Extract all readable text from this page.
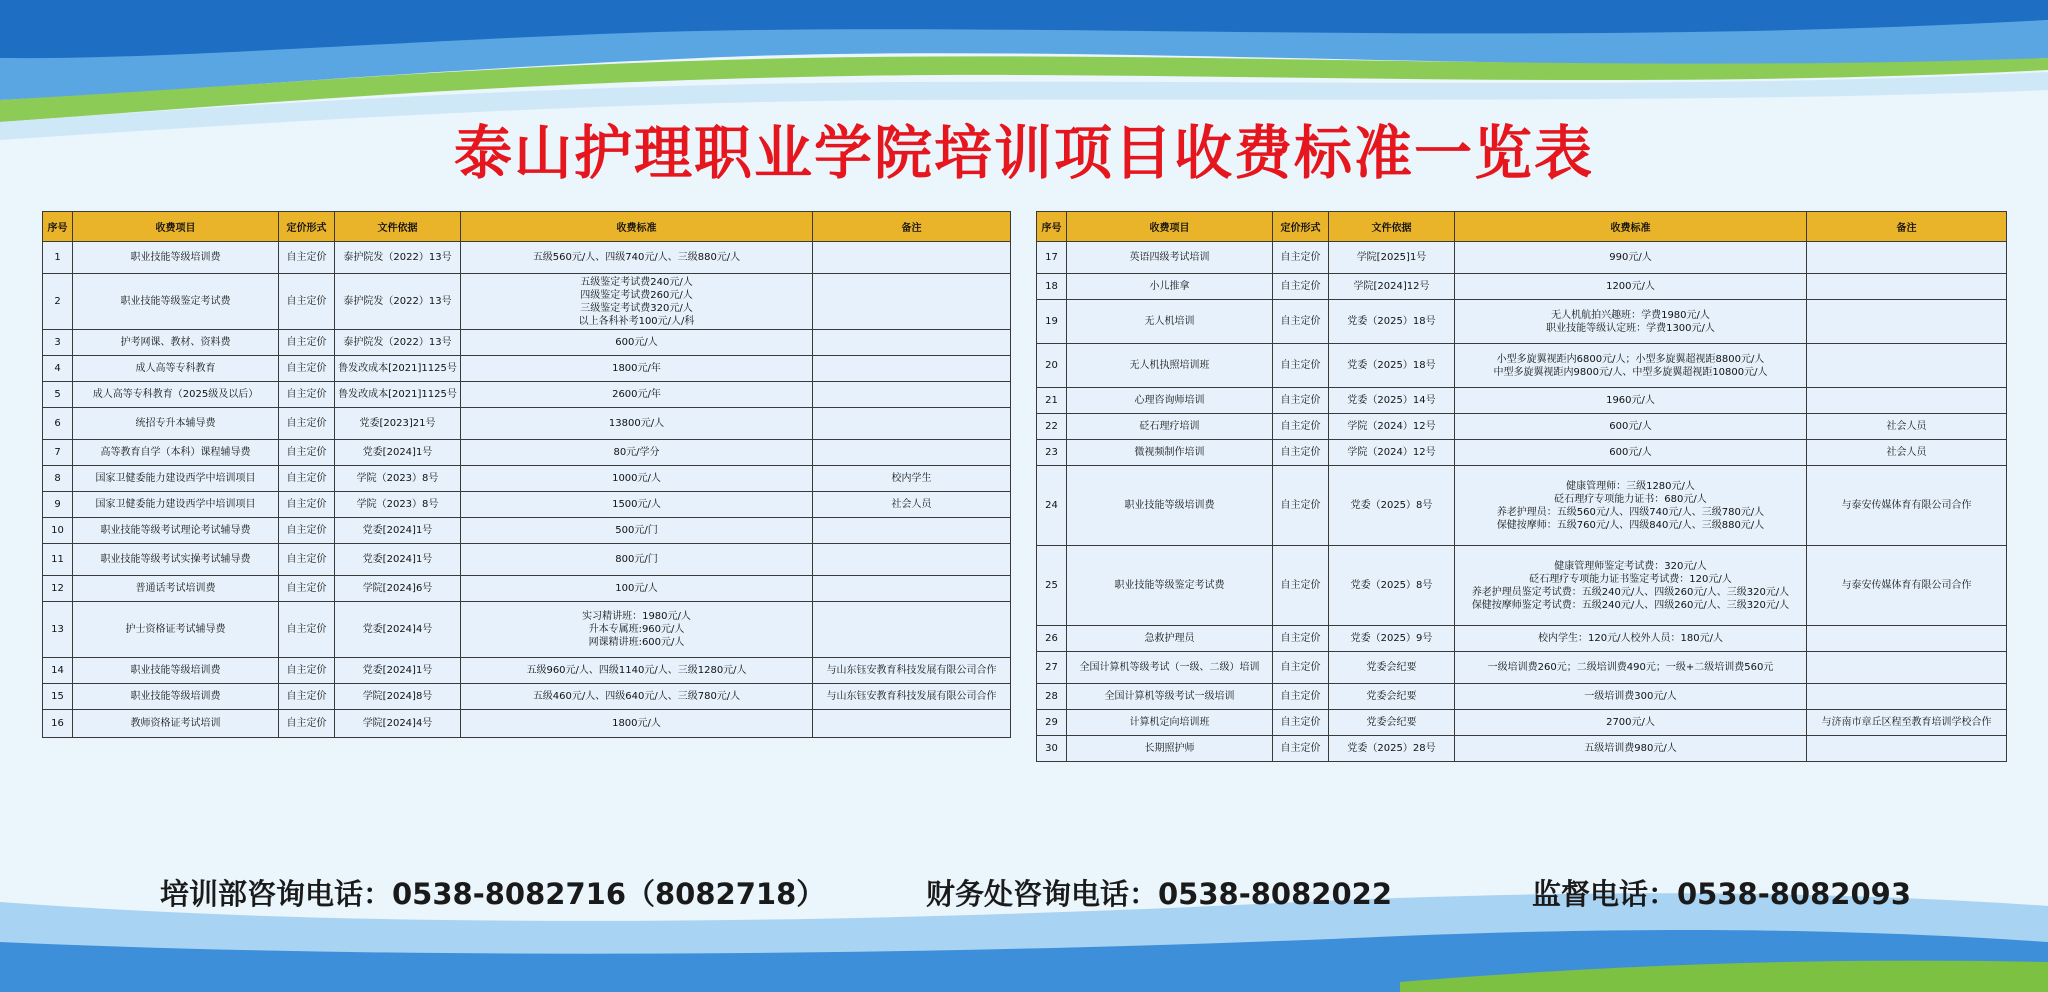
泰山护理职业学院培训项目收费标准一览表
序号	收费项目	定价形式	文件依据	收费标准	备注
1	职业技能等级培训费	自主定价	泰护院发（2022）13号	五级560元/人、四级740元/人、三级880元/人	

2	职业技能等级鉴定考试费	自主定价	泰护院发（2022）13号	五级鉴定考试费240元/人
四级鉴定考试费260元/人
三级鉴定考试费320元/人
以上各科补考100元/人/科	

3	护考网课、教材、资料费	自主定价	泰护院发（2022）13号	600元/人	

4	成人高等专科教育	自主定价	鲁发改成本[2021]1125号	1800元/年	

5	成人高等专科教育（2025级及以后）	自主定价	鲁发改成本[2021]1125号	2600元/年	

6	统招专升本辅导费	自主定价	党委[2023]21号	13800元/人	

7	高等教育自学（本科）课程辅导费	自主定价	党委[2024]1号	80元/学分	

8	国家卫健委能力建设西学中培训项目	自主定价	学院（2023）8号	1000元/人	校内学生
9	国家卫健委能力建设西学中培训项目	自主定价	学院（2023）8号	1500元/人	社会人员
10	职业技能等级考试理论考试辅导费	自主定价	党委[2024]1号	500元/门	

11	职业技能等级考试实操考试辅导费	自主定价	党委[2024]1号	800元/门	

12	普通话考试培训费	自主定价	学院[2024]6号	100元/人	

13	护士资格证考试辅导费	自主定价	党委[2024]4号	实习精讲班：1980元/人
升本专属班:960元/人
网课精讲班:600元/人	

14	职业技能等级培训费	自主定价	党委[2024]1号	五级960元/人、四级1140元/人、三级1280元/人	与山东钰安教育科技发展有限公司合作
15	职业技能等级培训费	自主定价	学院[2024]8号	五级460元/人、四级640元/人、三级780元/人	与山东钰安教育科技发展有限公司合作
16	教师资格证考试培训	自主定价	学院[2024]4号	1800元/人	

序号	收费项目	定价形式	文件依据	收费标准	备注
17	英语四级考试培训	自主定价	学院[2025]1号	990元/人	

18	小儿推拿	自主定价	学院[2024]12号	1200元/人	

19	无人机培训	自主定价	党委（2025）18号	无人机航拍兴趣班：学费1980元/人
职业技能等级认定班：学费1300元/人	

20	无人机执照培训班	自主定价	党委（2025）18号	小型多旋翼视距内6800元/人；小型多旋翼超视距8800元/人
中型多旋翼视距内9800元/人、中型多旋翼超视距10800元/人	

21	心理咨询师培训	自主定价	党委（2025）14号	1960元/人	

22	砭石理疗培训	自主定价	学院（2024）12号	600元/人	社会人员
23	微视频制作培训	自主定价	学院（2024）12号	600元/人	社会人员
24	职业技能等级培训费	自主定价	党委（2025）8号	健康管理师：三级1280元/人
砭石理疗专项能力证书：680元/人
养老护理员：五级560元/人、四级740元/人、三级780元/人
保健按摩师：五级760元/人、四级840元/人、三级880元/人	与泰安传媒体育有限公司合作
25	职业技能等级鉴定考试费	自主定价	党委（2025）8号	健康管理师鉴定考试费：320元/人
砭石理疗专项能力证书鉴定考试费：120元/人
养老护理员鉴定考试费：五级240元/人、四级260元/人、三级320元/人
保健按摩师鉴定考试费：五级240元/人、四级260元/人、三级320元/人	与泰安传媒体育有限公司合作
26	急救护理员	自主定价	党委（2025）9号	校内学生：120元/人校外人员：180元/人	

27	全国计算机等级考试（一级、二级）培训	自主定价	党委会纪要	一级培训费260元；二级培训费490元；一级+二级培训费560元	

28	全国计算机等级考试一级培训	自主定价	党委会纪要	一级培训费300元/人	

29	计算机定向培训班	自主定价	党委会纪要	2700元/人	与济南市章丘区程至教育培训学校合作
30	长期照护师	自主定价	党委（2025）28号	五级培训费980元/人	

培训部咨询电话：0538-8082716（8082718）	财务处咨询电话：0538-8082022	监督电话：0538-8082093
